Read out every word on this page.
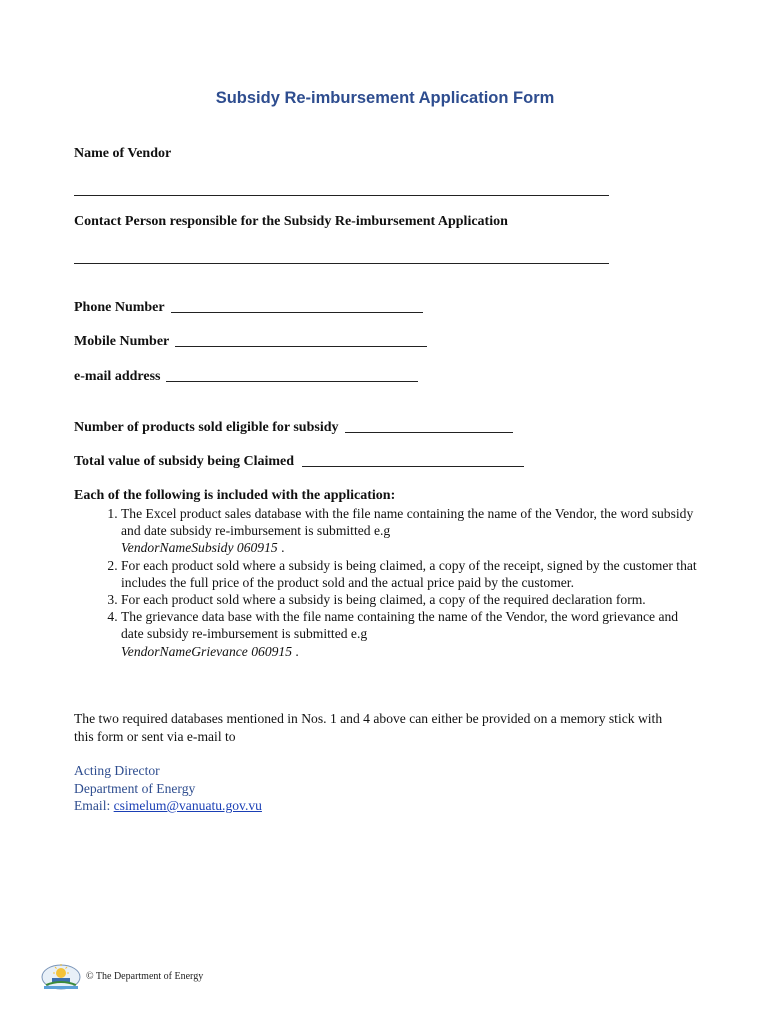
Subsidy Re-imbursement Application Form
Name of Vendor
Contact Person responsible for the Subsidy Re-imbursement Application
Phone Number
Mobile Number
e-mail address
Number of products sold eligible for subsidy
Total value of subsidy being Claimed
Each of the following is included with the application:
1. The Excel product sales database with the file name containing the name of the Vendor, the word subsidy and date subsidy re-imbursement is submitted e.g
VendorNameSubsidy 060915 .
2. For each product sold where a subsidy is being claimed, a copy of the receipt, signed by the customer that includes the full price of the product sold and the actual price paid by the customer.
3. For each product sold where a subsidy is being claimed, a copy of the required declaration form.
4. The grievance data base with the file name containing the name of the Vendor, the word grievance and date subsidy re-imbursement is submitted e.g
VendorNameGrievance 060915 .
The two required databases mentioned in Nos. 1 and 4 above can either be provided on a memory stick with this form or sent via e-mail to
Acting Director
Department of Energy
Email: csimelum@vanuatu.gov.vu
© The Department of Energy
